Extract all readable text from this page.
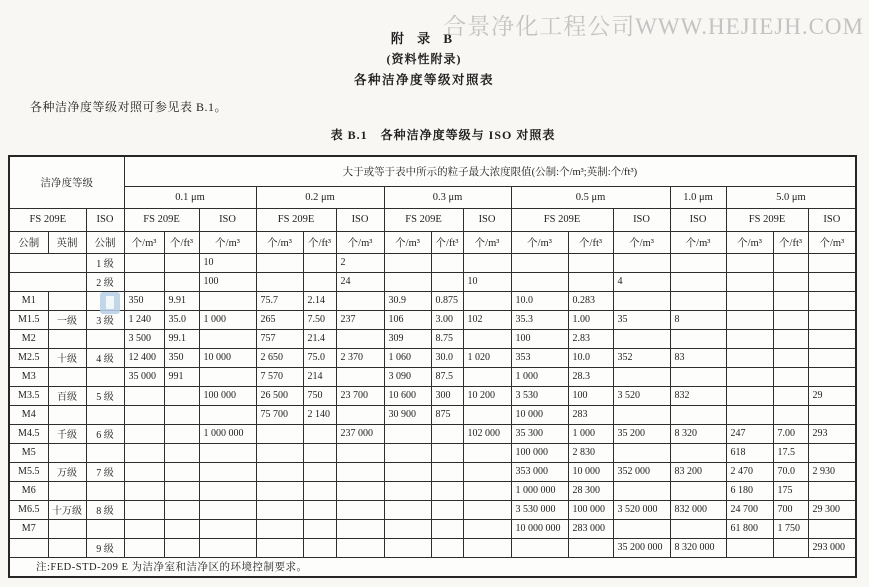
合景净化工程公司WWW.HEJIEJH.COM
附 录 B
(资料性附录)
各种洁净度等级对照表
各种洁净度等级对照可参见表 B.1。
表 B.1　各种洁净度等级与 ISO 对照表
洁净度等级			大于或等于表中所示的粒子最大浓度限值(公制:个/m³;英制:个/ft³)															
			0.1 μm			0.2 μm			0.3 μm			0.5 μm			1.0 μm	5.0 μm		
FS 209E		ISO	FS 209E		ISO	FS 209E		ISO	FS 209E		ISO	FS 209E		ISO	ISO	FS 209E		ISO
公制	英制	公制	个/m³	个/ft³	个/m³	个/m³	个/ft³	个/m³	个/m³	个/ft³	个/m³	个/m³	个/ft³	个/m³	个/m³	个/m³	个/ft³	个/m³
		1 级			10			2										
		2 级			100			24			10			4				
M1			350	9.91		75.7	2.14		30.9	0.875		10.0	0.283					
M1.5	一级	3 级	1 240	35.0	1 000	265	7.50	237	106	3.00	102	35.3	1.00	35	8			
M2			3 500	99.1		757	21.4		309	8.75		100	2.83					
M2.5	十级	4 级	12 400	350	10 000	2 650	75.0	2 370	1 060	30.0	1 020	353	10.0	352	83			
M3			35 000	991		7 570	214		3 090	87.5		1 000	28.3					
M3.5	百级	5 级			100 000	26 500	750	23 700	10 600	300	10 200	3 530	100	3 520	832			29
M4						75 700	2 140		30 900	875		10 000	283					
M4.5	千级	6 级			1 000 000			237 000			102 000	35 300	1 000	35 200	8 320	247	7.00	293
M5												100 000	2 830			618	17.5	
M5.5	万级	7 级										353 000	10 000	352 000	83 200	2 470	70.0	2 930
M6												1 000 000	28 300			6 180	175	
M6.5	十万级	8 级										3 530 000	100 000	3 520 000	832 000	24 700	700	29 300
M7												10 000 000	283 000			61 800	1 750	
		9 级												35 200 000	8 320 000			293 000
注:FED-STD-209 E 为洁净室和洁净区的环境控制要求。																		
